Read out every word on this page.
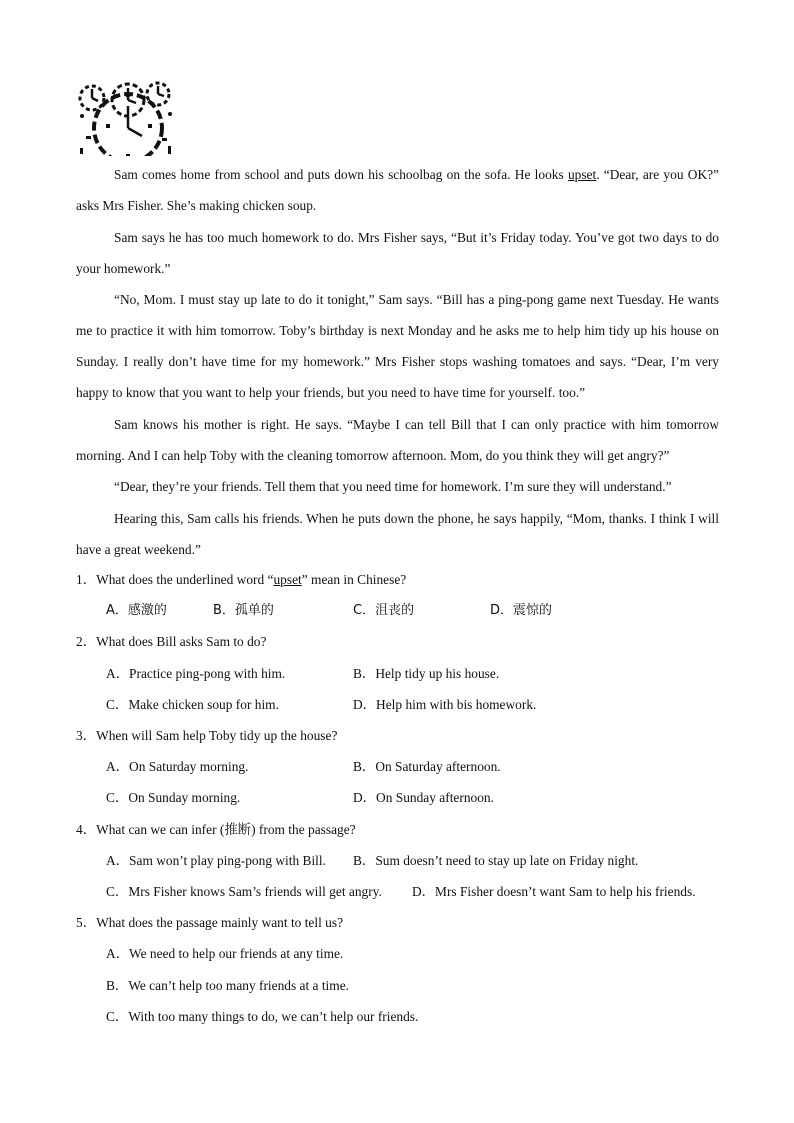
Sam comes home from school and puts down his schoolbag on the sofa. He looks upset. “Dear, are you OK?” asks Mrs Fisher. She’s making chicken soup.

Sam says he has too much homework to do. Mrs Fisher says, “But it’s Friday today. You’ve got two days to do your homework.”

“No, Mom. I must stay up late to do it tonight,” Sam says. “Bill has a ping-pong game next Tuesday. He wants me to practice it with him tomorrow. Toby’s birthday is next Monday and he asks me to help him tidy up his house on Sunday. I really don’t have time for my homework.” Mrs Fisher stops washing tomatoes and says. “Dear, I’m very happy to know that you want to help your friends, but you need to have time for yourself. too.”

Sam knows his mother is right. He says. “Maybe I can tell Bill that I can only practice with him tomorrow morning. And I can help Toby with the cleaning tomorrow afternoon. Mom, do you think they will get angry?”

“Dear, they’re your friends. Tell them that you need time for homework. I’m sure they will understand.”

Hearing this, Sam calls his friends. When he puts down the phone, he says happily, “Mom, thanks. I think I will have a great weekend.”

1．What does the underlined word “upset” mean in Chinese?
A．感激的	B．孤单的	C．沮丧的	D．震惊的
2．What does Bill asks Sam to do?
A．Practice ping-pong with him.	B．Help tidy up his house.
C．Make chicken soup for him.	D．Help him with bis homework.
3．When will Sam help Toby tidy up the house?
A．On Saturday morning.	B．On Saturday afternoon.
C．On Sunday morning.	D．On Sunday afternoon.
4．What can we can infer (推断) from the passage?
A．Sam won’t play ping-pong with Bill. B．Sum doesn’t need to stay up late on Friday night.
C．Mrs Fisher knows Sam’s friends will get angry. D．Mrs Fisher doesn’t want Sam to help his friends.
5．What does the passage mainly want to tell us?
A．We need to help our friends at any time.
B．We can’t help too many friends at a time.
C．With too many things to do, we can’t help our friends.
